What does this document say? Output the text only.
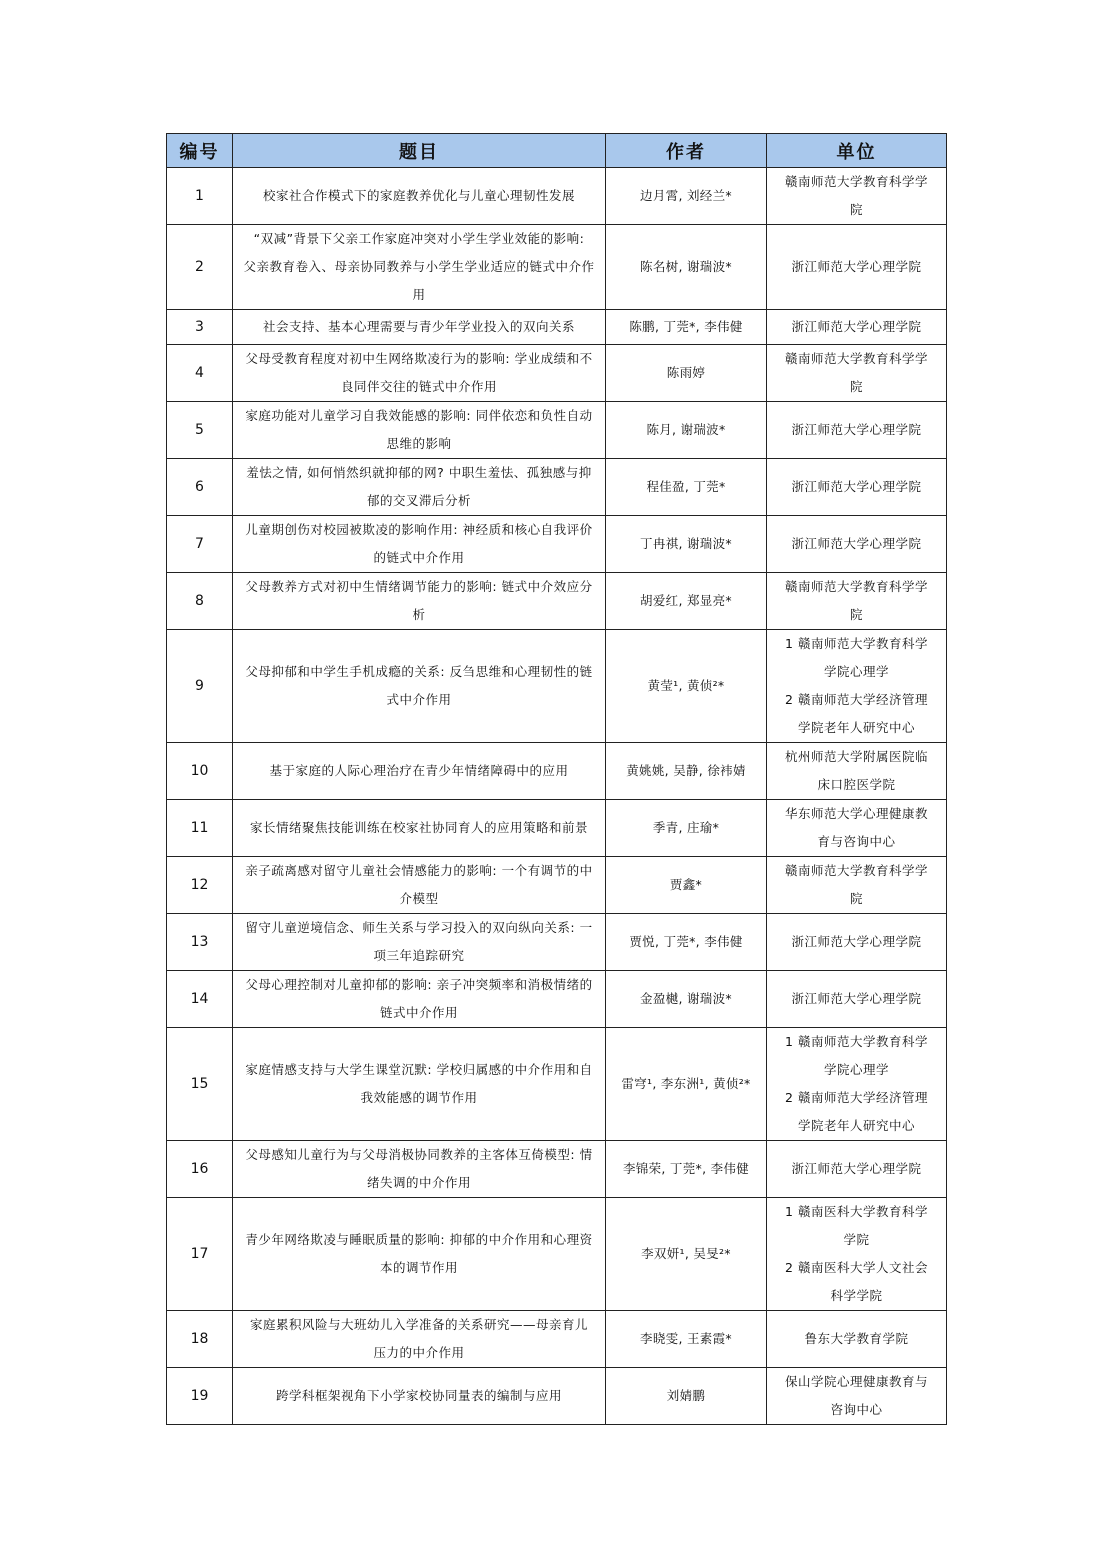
编号	题目	作者	单位
1	校家社合作模式下的家庭教养优化与儿童心理韧性发展	边月霄, 刘经兰*	赣南师范大学教育科学学
院

2	“双减”背景下父亲工作家庭冲突对小学生学业效能的影响:
父亲教育卷入、母亲协同教养与小学生学业适应的链式中介作
用	陈名树, 谢瑞波*	浙江师范大学心理学院

3	社会支持、基本心理需要与青少年学业投入的双向关系	陈鹏, 丁莞*, 李伟健	浙江师范大学心理学院

4	父母受教育程度对初中生网络欺凌行为的影响: 学业成绩和不
良同伴交往的链式中介作用	陈雨婷	赣南师范大学教育科学学
院

5	家庭功能对儿童学习自我效能感的影响: 同伴依恋和负性自动
思维的影响	陈月, 谢瑞波*	浙江师范大学心理学院

6	羞怯之情, 如何悄然织就抑郁的网? 中职生羞怯、孤独感与抑
郁的交叉滞后分析	程佳盈, 丁莞*	浙江师范大学心理学院

7	儿童期创伤对校园被欺凌的影响作用: 神经质和核心自我评价
的链式中介作用	丁冉祺, 谢瑞波*	浙江师范大学心理学院

8	父母教养方式对初中生情绪调节能力的影响: 链式中介效应分
析	胡爱红, 郑显亮*	赣南师范大学教育科学学
院

9	父母抑郁和中学生手机成瘾的关系: 反刍思维和心理韧性的链
式中介作用	黄莹¹, 黄侦²*	1 赣南师范大学教育科学
学院心理学
2 赣南师范大学经济管理
学院老年人研究中心

10	基于家庭的人际心理治疗在青少年情绪障碍中的应用	黄姚姚, 吴静, 徐袆婧	杭州师范大学附属医院临
床口腔医学院

11	家长情绪聚焦技能训练在校家社协同育人的应用策略和前景	季青, 庄瑜*	华东师范大学心理健康教
育与咨询中心

12	亲子疏离感对留守儿童社会情感能力的影响: 一个有调节的中
介模型	贾鑫*	赣南师范大学教育科学学
院

13	留守儿童逆境信念、师生关系与学习投入的双向纵向关系: 一
项三年追踪研究	贾悦, 丁莞*, 李伟健	浙江师范大学心理学院

14	父母心理控制对儿童抑郁的影响: 亲子冲突频率和消极情绪的
链式中介作用	金盈樾, 谢瑞波*	浙江师范大学心理学院

15	家庭情感支持与大学生课堂沉默: 学校归属感的中介作用和自
我效能感的调节作用	雷穹¹, 李东洲¹, 黄侦²*	1 赣南师范大学教育科学
学院心理学
2 赣南师范大学经济管理
学院老年人研究中心

16	父母感知儿童行为与父母消极协同教养的主客体互倚模型: 情
绪失调的中介作用	李锦荣, 丁莞*, 李伟健	浙江师范大学心理学院

17	青少年网络欺凌与睡眠质量的影响: 抑郁的中介作用和心理资
本的调节作用	李双妍¹, 吴旻²*	1 赣南医科大学教育科学
学院
2 赣南医科大学人文社会
科学学院

18	家庭累积风险与大班幼儿入学准备的关系研究——母亲育儿
压力的中介作用	李晓雯, 王素霞*	鲁东大学教育学院

19	跨学科框架视角下小学家校协同量表的编制与应用	刘婧鹏	保山学院心理健康教育与
咨询中心
